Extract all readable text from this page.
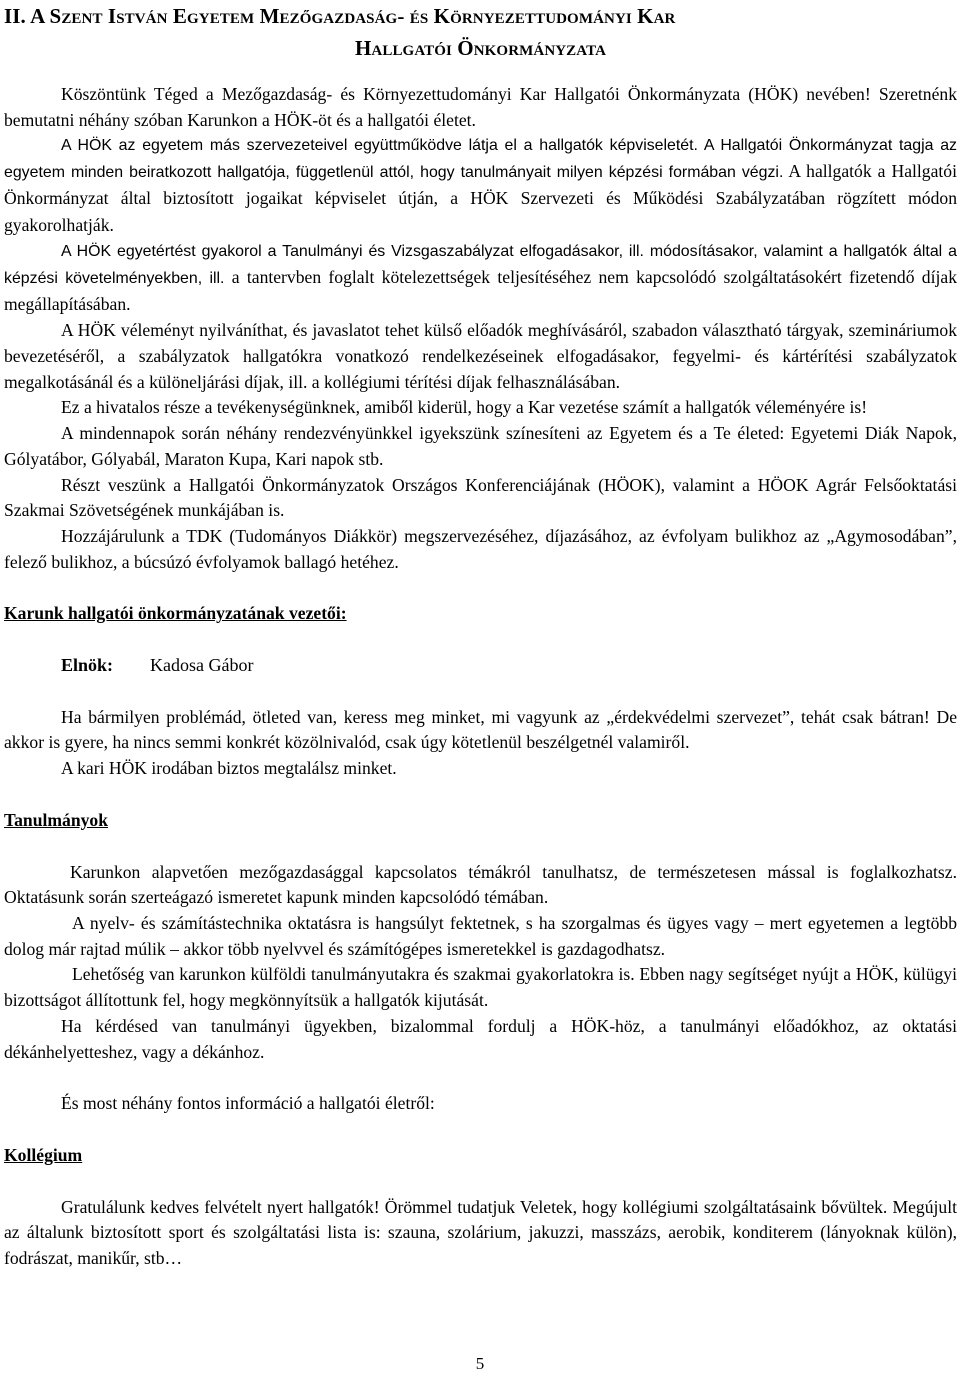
II. A Szent István Egyetem Mezőgazdaság- és Környezettudományi Kar
Hallgatói Önkormányzata

Köszöntünk Téged a Mezőgazdaság- és Környezettudományi Kar Hallgatói Önkormányzata (HÖK) nevében! Szeretnénk bemutatni néhány szóban Karunkon a HÖK-öt és a hallgatói életet.

A HÖK az egyetem más szervezeteivel együttműködve látja el a hallgatók képviseletét. A Hallgatói Önkormányzat tagja az egyetem minden beiratkozott hallgatója, függetlenül attól, hogy tanulmányait milyen képzési formában végzi. A hallgatók a Hallgatói Önkormányzat által biztosított jogaikat képviselet útján, a HÖK Szervezeti és Működési Szabályzatában rögzített módon gyakorolhatják.

A HÖK egyetértést gyakorol a Tanulmányi és Vizsgaszabályzat elfogadásakor, ill. módosításakor, valamint a hallgatók által a képzési követelményekben, ill. a tantervben foglalt kötelezettségek teljesítéséhez nem kapcsolódó szolgáltatásokért fizetendő díjak megállapításában.

A HÖK véleményt nyilváníthat, és javaslatot tehet külső előadók meghívásáról, szabadon választható tárgyak, szemináriumok bevezetéséről, a szabályzatok hallgatókra vonatkozó rendelkezéseinek elfogadásakor, fegyelmi- és kártérítési szabályzatok megalkotásánál és a különeljárási díjak, ill. a kollégiumi térítési díjak felhasználásában.

Ez a hivatalos része a tevékenységünknek, amiből kiderül, hogy a Kar vezetése számít a hallgatók véleményére is!

A mindennapok során néhány rendezvényünkkel igyekszünk színesíteni az Egyetem és a Te életed: Egyetemi Diák Napok, Gólyatábor, Gólyabál, Maraton Kupa, Kari napok stb.

Részt veszünk a Hallgatói Önkormányzatok Országos Konferenciájának (HÖOK), valamint a HÖOK Agrár Felsőoktatási Szakmai Szövetségének munkájában is.

Hozzájárulunk a TDK (Tudományos Diákkör) megszervezéséhez, díjazásához, az évfolyam bulikhoz az „Agymosodában”, felező bulikhoz, a búcsúzó évfolyamok ballagó hetéhez.

Karunk hallgatói önkormányzatának vezetői:

Elnök: Kadosa Gábor

Ha bármilyen problémád, ötleted van, keress meg minket, mi vagyunk az „érdekvédelmi szervezet”, tehát csak bátran! De akkor is gyere, ha nincs semmi konkrét közölnivalód, csak úgy kötetlenül beszélgetnél valamiről.

A kari HÖK irodában biztos megtalálsz minket.

Tanulmányok

Karunkon alapvetően mezőgazdasággal kapcsolatos témákról tanulhatsz, de természetesen mással is foglalkozhatsz. Oktatásunk során szerteágazó ismeretet kapunk minden kapcsolódó témában.

A nyelv- és számítástechnika oktatásra is hangsúlyt fektetnek, s ha szorgalmas és ügyes vagy – mert egyetemen a legtöbb dolog már rajtad múlik – akkor több nyelvvel és számítógépes ismeretekkel is gazdagodhatsz.

Lehetőség van karunkon külföldi tanulmányutakra és szakmai gyakorlatokra is. Ebben nagy segítséget nyújt a HÖK, külügyi bizottságot állítottunk fel, hogy megkönnyítsük a hallgatók kijutását.

Ha kérdésed van tanulmányi ügyekben, bizalommal fordulj a HÖK-höz, a tanulmányi előadókhoz, az oktatási dékánhelyetteshez, vagy a dékánhoz.

És most néhány fontos információ a hallgatói életről:

Kollégium

Gratulálunk kedves felvételt nyert hallgatók! Örömmel tudatjuk Veletek, hogy kollégiumi szolgáltatásaink bővültek. Megújult az általunk biztosított sport és szolgáltatási lista is: szauna, szolárium, jakuzzi, masszázs, aerobik, konditerem (lányoknak külön), fodrászat, manikűr, stb…

5
